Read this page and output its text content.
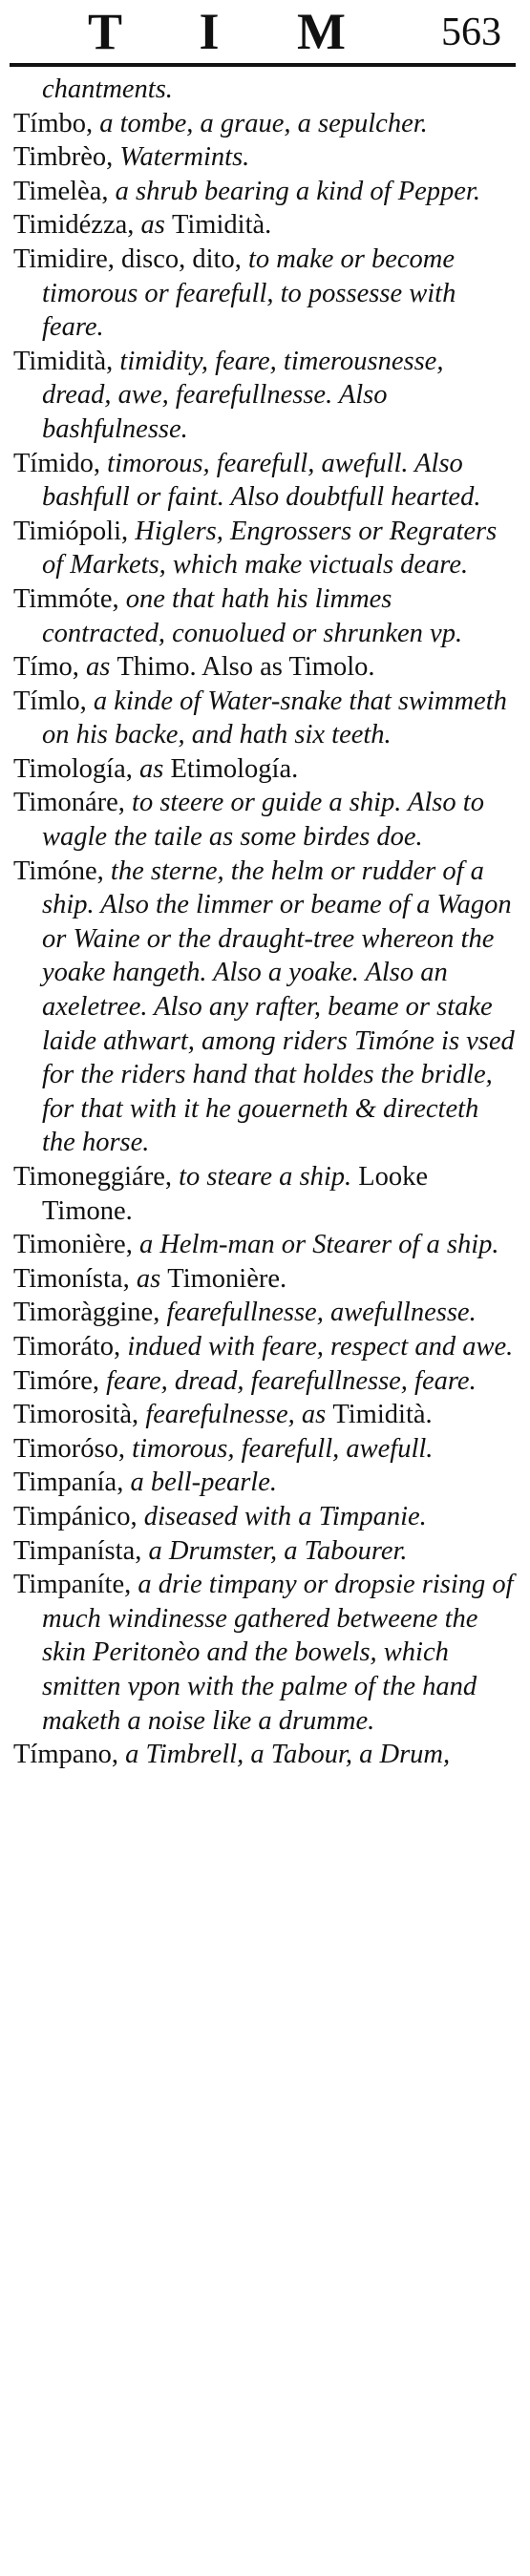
T I M 563

chantments.

Tímbo, a tombe, a graue, a sepulcher.

Timbrèo, Watermints.

Timelèa, a shrub bearing a kind of Pepper.

Timidézza, as Timidità.

Timidire, discо, dito, to make or become timorous or fearefull, to possesse with feare.

Timidità, timidity, feare, timerousnesse, dread, awe, fearefullnesse. Also bashfulnesse.

Tímido, timorous, fearefull, awefull. Also bashfull or faint. Also doubtfull hearted.

Timiópoli, Higlers, Engrossers or Regraters of Markets, which make victuals deare.

Timmóte, one that hath his limmes contracted, conuolued or shrunken vp.

Tímo, as Thimo. Also as Timolo.

Tímlo, a kinde of Water-snake that swimmeth on his backe, and hath six teeth.

Timología, as Etimología.

Timonáre, to steere or guide a ship. Also to wagle the taile as some birdes doe.

Timóne, the sterne, the helm or rudder of a ship. Also the limmer or beame of a Wagon or Waine or the draught-tree whereon the yoake hangeth. Also a yoake. Also an axeletree. Also any rafter, beame or stake laide athwart, among riders Timóne is vsed for the riders hand that holdes the bridle, for that with it he gouerneth & directeth the horse.

Timoneggiáre, to steare a ship. Looke Timone.

Timonière, a Helm-man or Stearer of a ship.

Timonísta, as Timonière.

Timoràggine, fearefullnesse, awefullnesse.

Timoráto, indued with feare, respect and awe.

Timóre, feare, dread, fearefullnesse, feare.

Timorosità, fearefulnesse, as Timidità.

Timoróso, timorous, fearefull, awefull.

Timpanía, a bell-pearle.

Timpánico, diseased with a Timpanie.

Timpanísta, a Drumster, a Tabourer.

Timpaníte, a drie timpany or dropsie rising of much windinesse gathered betweene the skin Peritonèo and the bowels, which smitten vpon with the palme of the hand maketh a noise like a drumme.

Tímpano, a Timbrell, a Tabour, a Drum,
